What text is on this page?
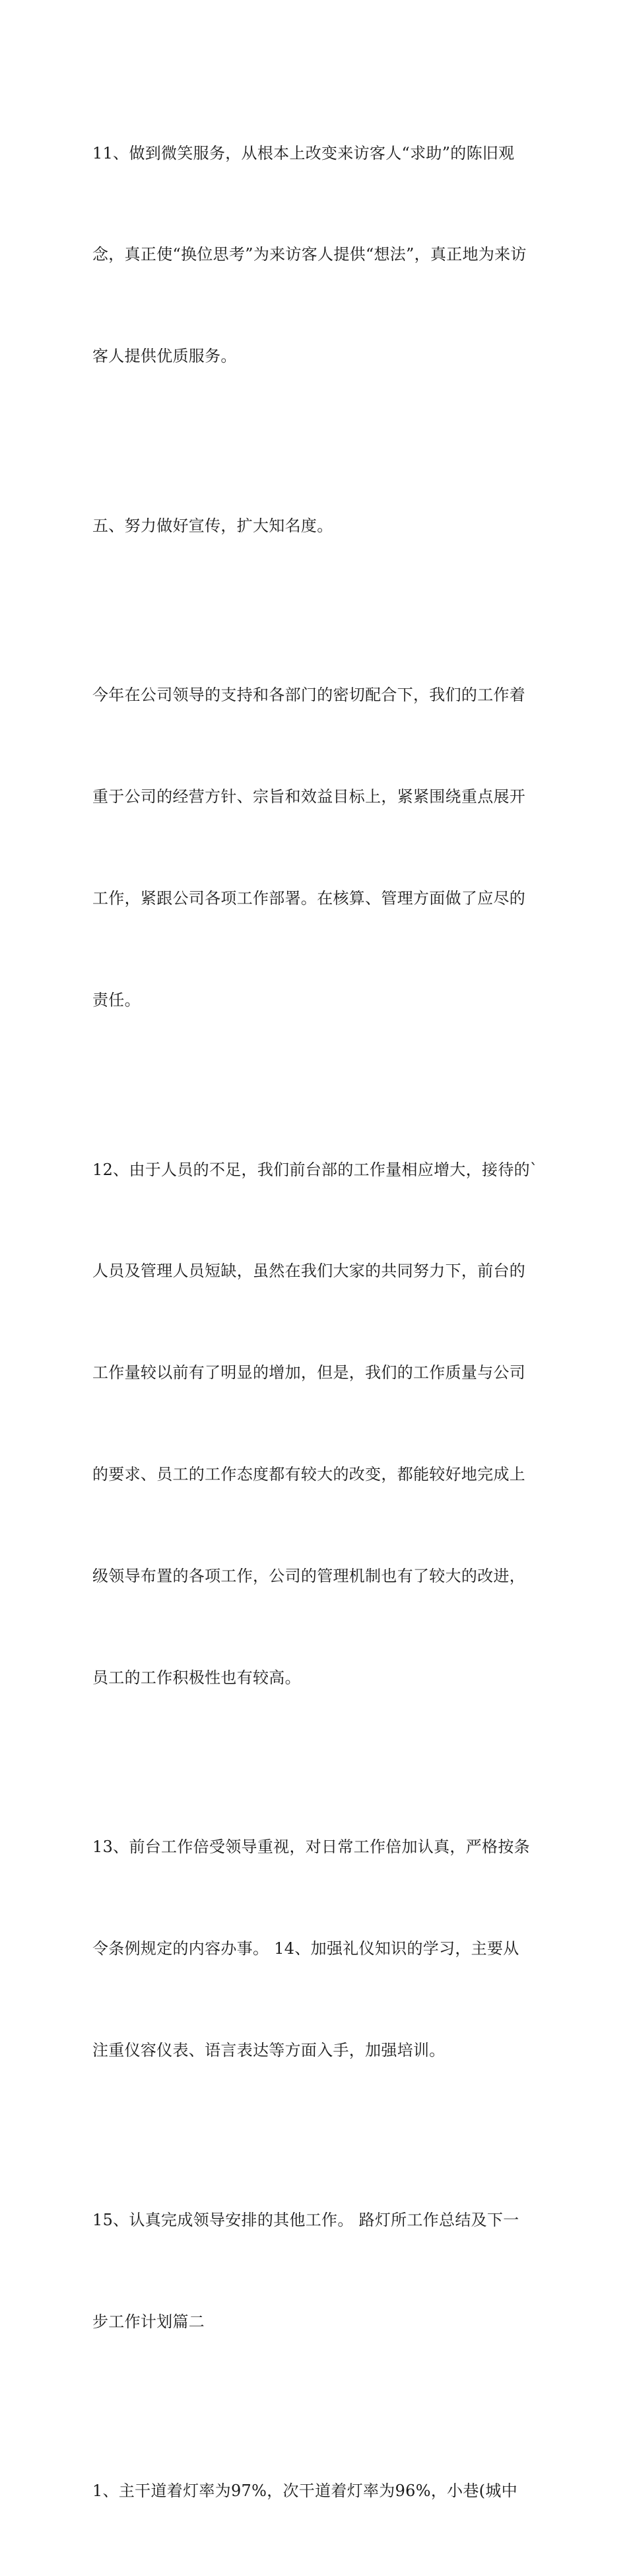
11、做到微笑服务，从根本上改变来访客人“求助”的陈旧观

念，真正使“换位思考”为来访客人提供“想法”，真正地为来访

客人提供优质服务。

五、努力做好宣传，扩大知名度。

今年在公司领导的支持和各部门的密切配合下，我们的工作着

重于公司的经营方针、宗旨和效益目标上，紧紧围绕重点展开

工作，紧跟公司各项工作部署。在核算、管理方面做了应尽的

责任。

12、由于人员的不足，我们前台部的工作量相应增大，接待的`

人员及管理人员短缺，虽然在我们大家的共同努力下，前台的

工作量较以前有了明显的增加，但是，我们的工作质量与公司

的要求、员工的工作态度都有较大的改变，都能较好地完成上

级领导布置的各项工作，公司的管理机制也有了较大的改进，

员工的工作积极性也有较高。

13、前台工作倍受领导重视，对日常工作倍加认真，严格按条

令条例规定的内容办事。 14、加强礼仪知识的学习，主要从

注重仪容仪表、语言表达等方面入手，加强培训。

15、认真完成领导安排的其他工作。 路灯所工作总结及下一

步工作计划篇二

1、主干道着灯率为97%，次干道着灯率为96%，小巷(城中
